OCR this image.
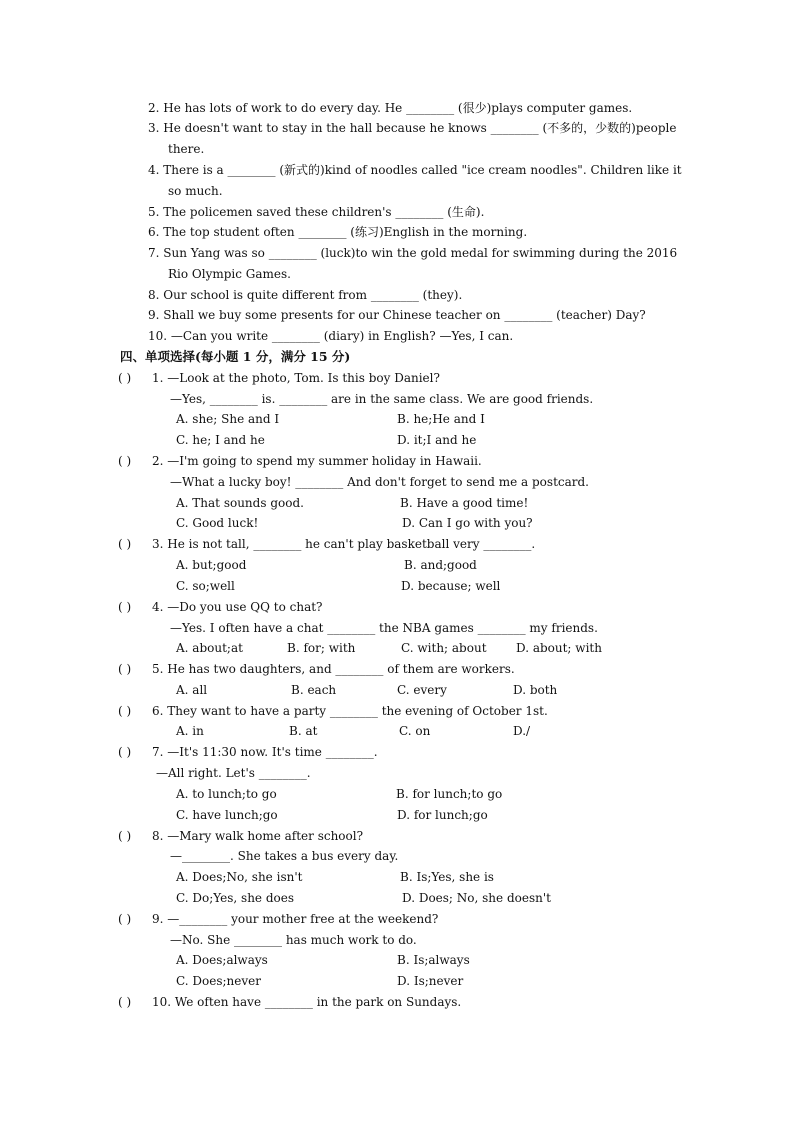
2. He has lots of work to do every day. He ________ (很少)plays computer games.
3. He doesn't want to stay in the hall because he knows ________ (不多的，少数的)people
there.
4. There is a ________ (新式的)kind of noodles called "ice cream noodles". Children like it
so much.
5. The policemen saved these children's ________ (生命).
6. The top student often ________ (练习)English in the morning.
7. Sun Yang was so ________ (luck)to win the gold medal for swimming during the 2016
Rio Olympic Games.
8. Our school is quite different from ________ (they).
9. Shall we buy some presents for our Chinese teacher on ________ (teacher) Day?
10. —Can you write ________ (diary) in English? —Yes, I can.
四、单项选择(每小题 1 分，满分 15 分)
( ) 1. —Look at the photo, Tom. Is this boy Daniel?
—Yes, ________ is. ________ are in the same class. We are good friends.
A. she; She and I	B. he;He and I
C. he; I and he	D. it;I and he
( ) 2. —I'm going to spend my summer holiday in Hawaii.
—What a lucky boy! ________ And don't forget to send me a postcard.
A. That sounds good.	B. Have a good time!
C. Good luck!	D. Can I go with you?
( ) 3. He is not tall, ________ he can't play basketball very ________.
A. but;good	B. and;good
C. so;well	D. because; well
( ) 4. —Do you use QQ to chat?
—Yes. I often have a chat ________ the NBA games ________ my friends.
A. about;at	B. for; with	C. with; about D. about; with
( ) 5. He has two daughters, and ________ of them are workers.
A. all	B. each	C. every	D. both
( ) 6. They want to have a party ________ the evening of October 1st.
A. in	B. at	C. on	D./
( ) 7. —It's 11:30 now. It's time ________.
—All right. Let's ________.
A. to lunch;to go	B. for lunch;to go
C. have lunch;go	D. for lunch;go
( ) 8. —Mary walk home after school?
—________. She takes a bus every day.
A. Does;No, she isn't	B. Is;Yes, she is
C. Do;Yes, she does	D. Does; No, she doesn't
( ) 9. —________ your mother free at the weekend?
—No. She ________ has much work to do.
A. Does;always	B. Is;always
C. Does;never	D. Is;never
( ) 10. We often have ________ in the park on Sundays.
